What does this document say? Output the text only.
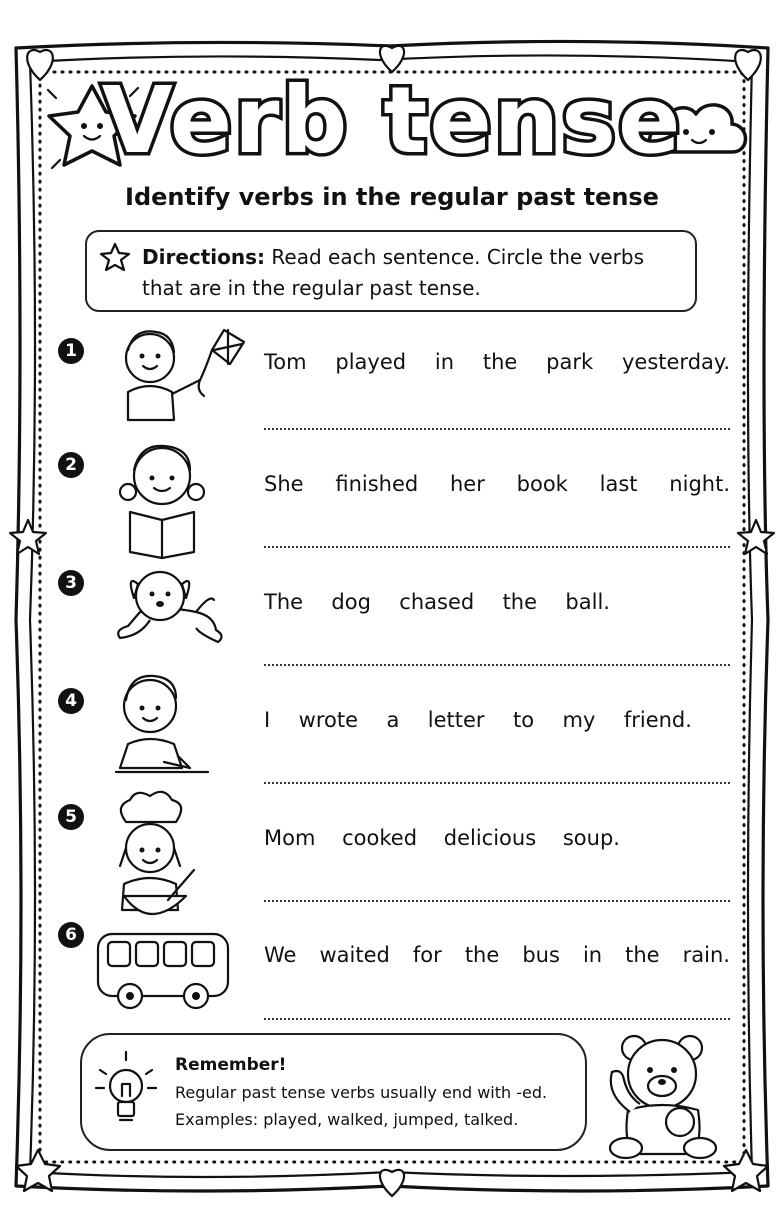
Verb tense
Identify verbs in the regular past tense
Directions: Read each sentence. Circle the verbs that are in the regular past tense.
1
2
3
4
5
6
Tom played in the park yesterday.
She finished her book last night.
The dog chased the ball.
I wrote a letter to my friend.
Mom cooked delicious soup.
We waited for the bus in the rain.
Remember!
Regular past tense verbs usually end with -ed.
Examples: played, walked, jumped, talked.
